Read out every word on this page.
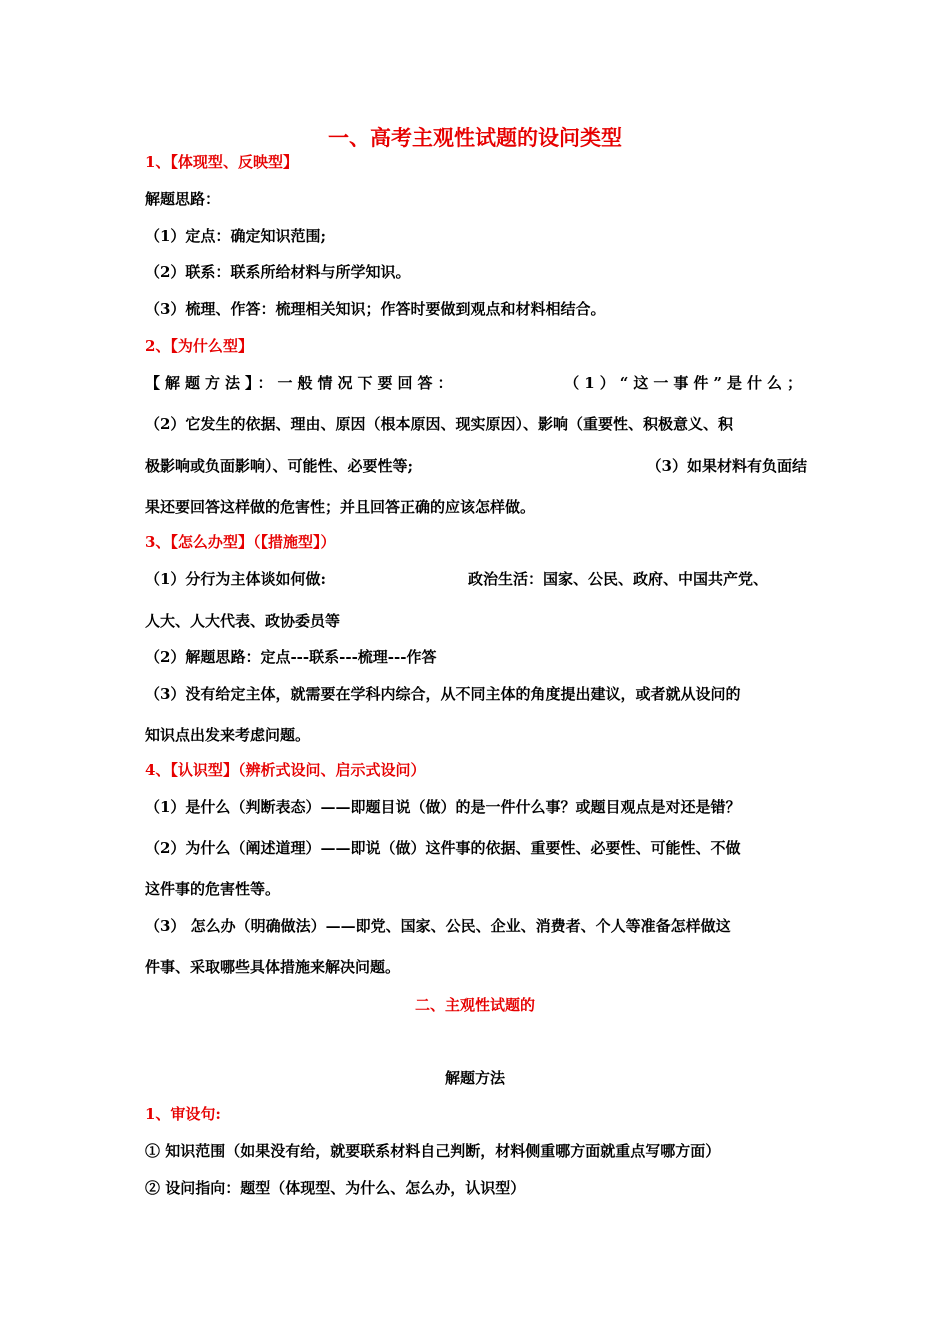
一、高考主观性试题的设问类型
1、【体现型、反映型】
解题思路：
（1）定点：确定知识范围;
（2）联系：联系所给材料与所学知识。
（3）梳理、作答：梳理相关知识；作答时要做到观点和材料相结合。
2、【为什么型】
【解题方法】：一般情况下要回答：	（1）“这一事件”是什么；
（2）它发生的依据、理由、原因（根本原因、现实原因）、影响（重要性、积极意义、积
极影响或负面影响）、可能性、必要性等;	（3）如果材料有负面结
果还要回答这样做的危害性；并且回答正确的应该怎样做。
3、【怎么办型】（【措施型】）
（1）分行为主体谈如何做:	政治生活：国家、公民、政府、中国共产党、
人大、人大代表、政协委员等
（2）解题思路：定点---联系---梳理---作答
（3）没有给定主体，就需要在学科内综合，从不同主体的角度提出建议，或者就从设问的
知识点出发来考虑问题。
4、【认识型】（辨析式设问、启示式设问）
（1）是什么（判断表态）——即题目说（做）的是一件什么事？或题目观点是对还是错？
（2）为什么（阐述道理）——即说（做）这件事的依据、重要性、必要性、可能性、不做
这件事的危害性等。
（3） 怎么办（明确做法）——即党、国家、公民、企业、消费者、个人等准备怎样做这
件事、采取哪些具体措施来解决问题。
二、主观性试题的
解题方法
1、审设句:
① 知识范围（如果没有给，就要联系材料自己判断，材料侧重哪方面就重点写哪方面）
② 设问指向：题型（体现型、为什么、怎么办，认识型）
